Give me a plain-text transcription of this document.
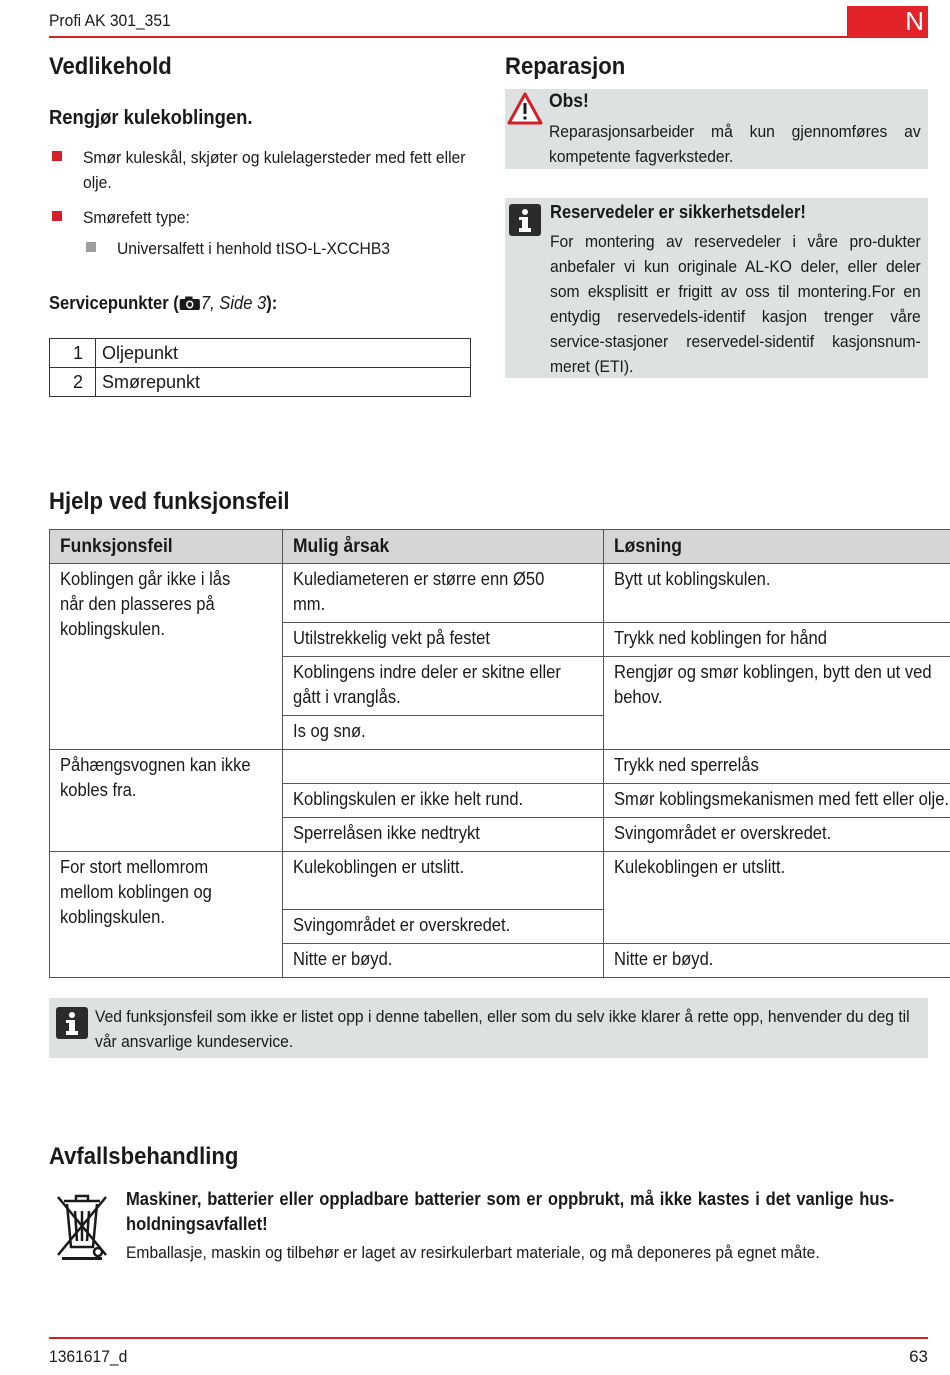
Profi AK 301_351	N
Vedlikehold
Rengjør kulekoblingen.
Smør kuleskål, skjøter og kulelagersteder med fett eller olje.
Smørefett type:
Universalfett i henhold tISO-L-XCCHB3
Servicepunkter ( 7, Side 3):
1	Oljepunkt
2	Smørepunkt
Reparasjon
Obs!
Reparasjonsarbeider må kun gjennomføres av kompetente fagverksteder.
Reservedeler er sikkerhetsdeler!
For montering av reservedeler i våre pro-dukter anbefaler vi kun originale AL-KO deler, eller deler som eksplisitt er frigitt av oss til montering.For en entydig reservedels-identif kasjon trenger våre service-stasjoner reservedel-sidentif kasjonsnum-meret (ETI).
Hjelp ved funksjonsfeil
Funksjonsfeil	Mulig årsak	Løsning

Koblingen går ikke i lås når den plasseres på koblingskulen.	Kulediameteren er større enn Ø50 mm.	Bytt ut koblingskulen.

	Utilstrekkelig vekt på festet	Trykk ned koblingen for hånd

	Koblingens indre deler er skitne eller gått i vranglås.	Rengjør og smør koblingen, bytt den ut ved behov.

	Is og snø.	

Påhængsvognen kan ikke kobles fra.		Trykk ned sperrelås

	Koblingskulen er ikke helt rund.	Smør koblingsmekanismen med fett eller olje.

	Sperrelåsen ikke nedtrykt	Svingområdet er overskredet.

For stort mellomrom mellom koblingen og koblingskulen.	Kulekoblingen er utslitt.	Kulekoblingen er utslitt.

	Svingområdet er overskredet.	

	Nitte er bøyd.	Nitte er bøyd.
Ved funksjonsfeil som ikke er listet opp i denne tabellen, eller som du selv ikke klarer å rette opp, henvender du deg til vår ansvarlige kundeservice.
Avfallsbehandling
Maskiner, batterier eller oppladbare batterier som er oppbrukt, må ikke kastes i det vanlige hus-holdningsavfallet!
Emballasje, maskin og tilbehør er laget av resirkulerbart materiale, og må deponeres på egnet måte.
1361617_d	63
